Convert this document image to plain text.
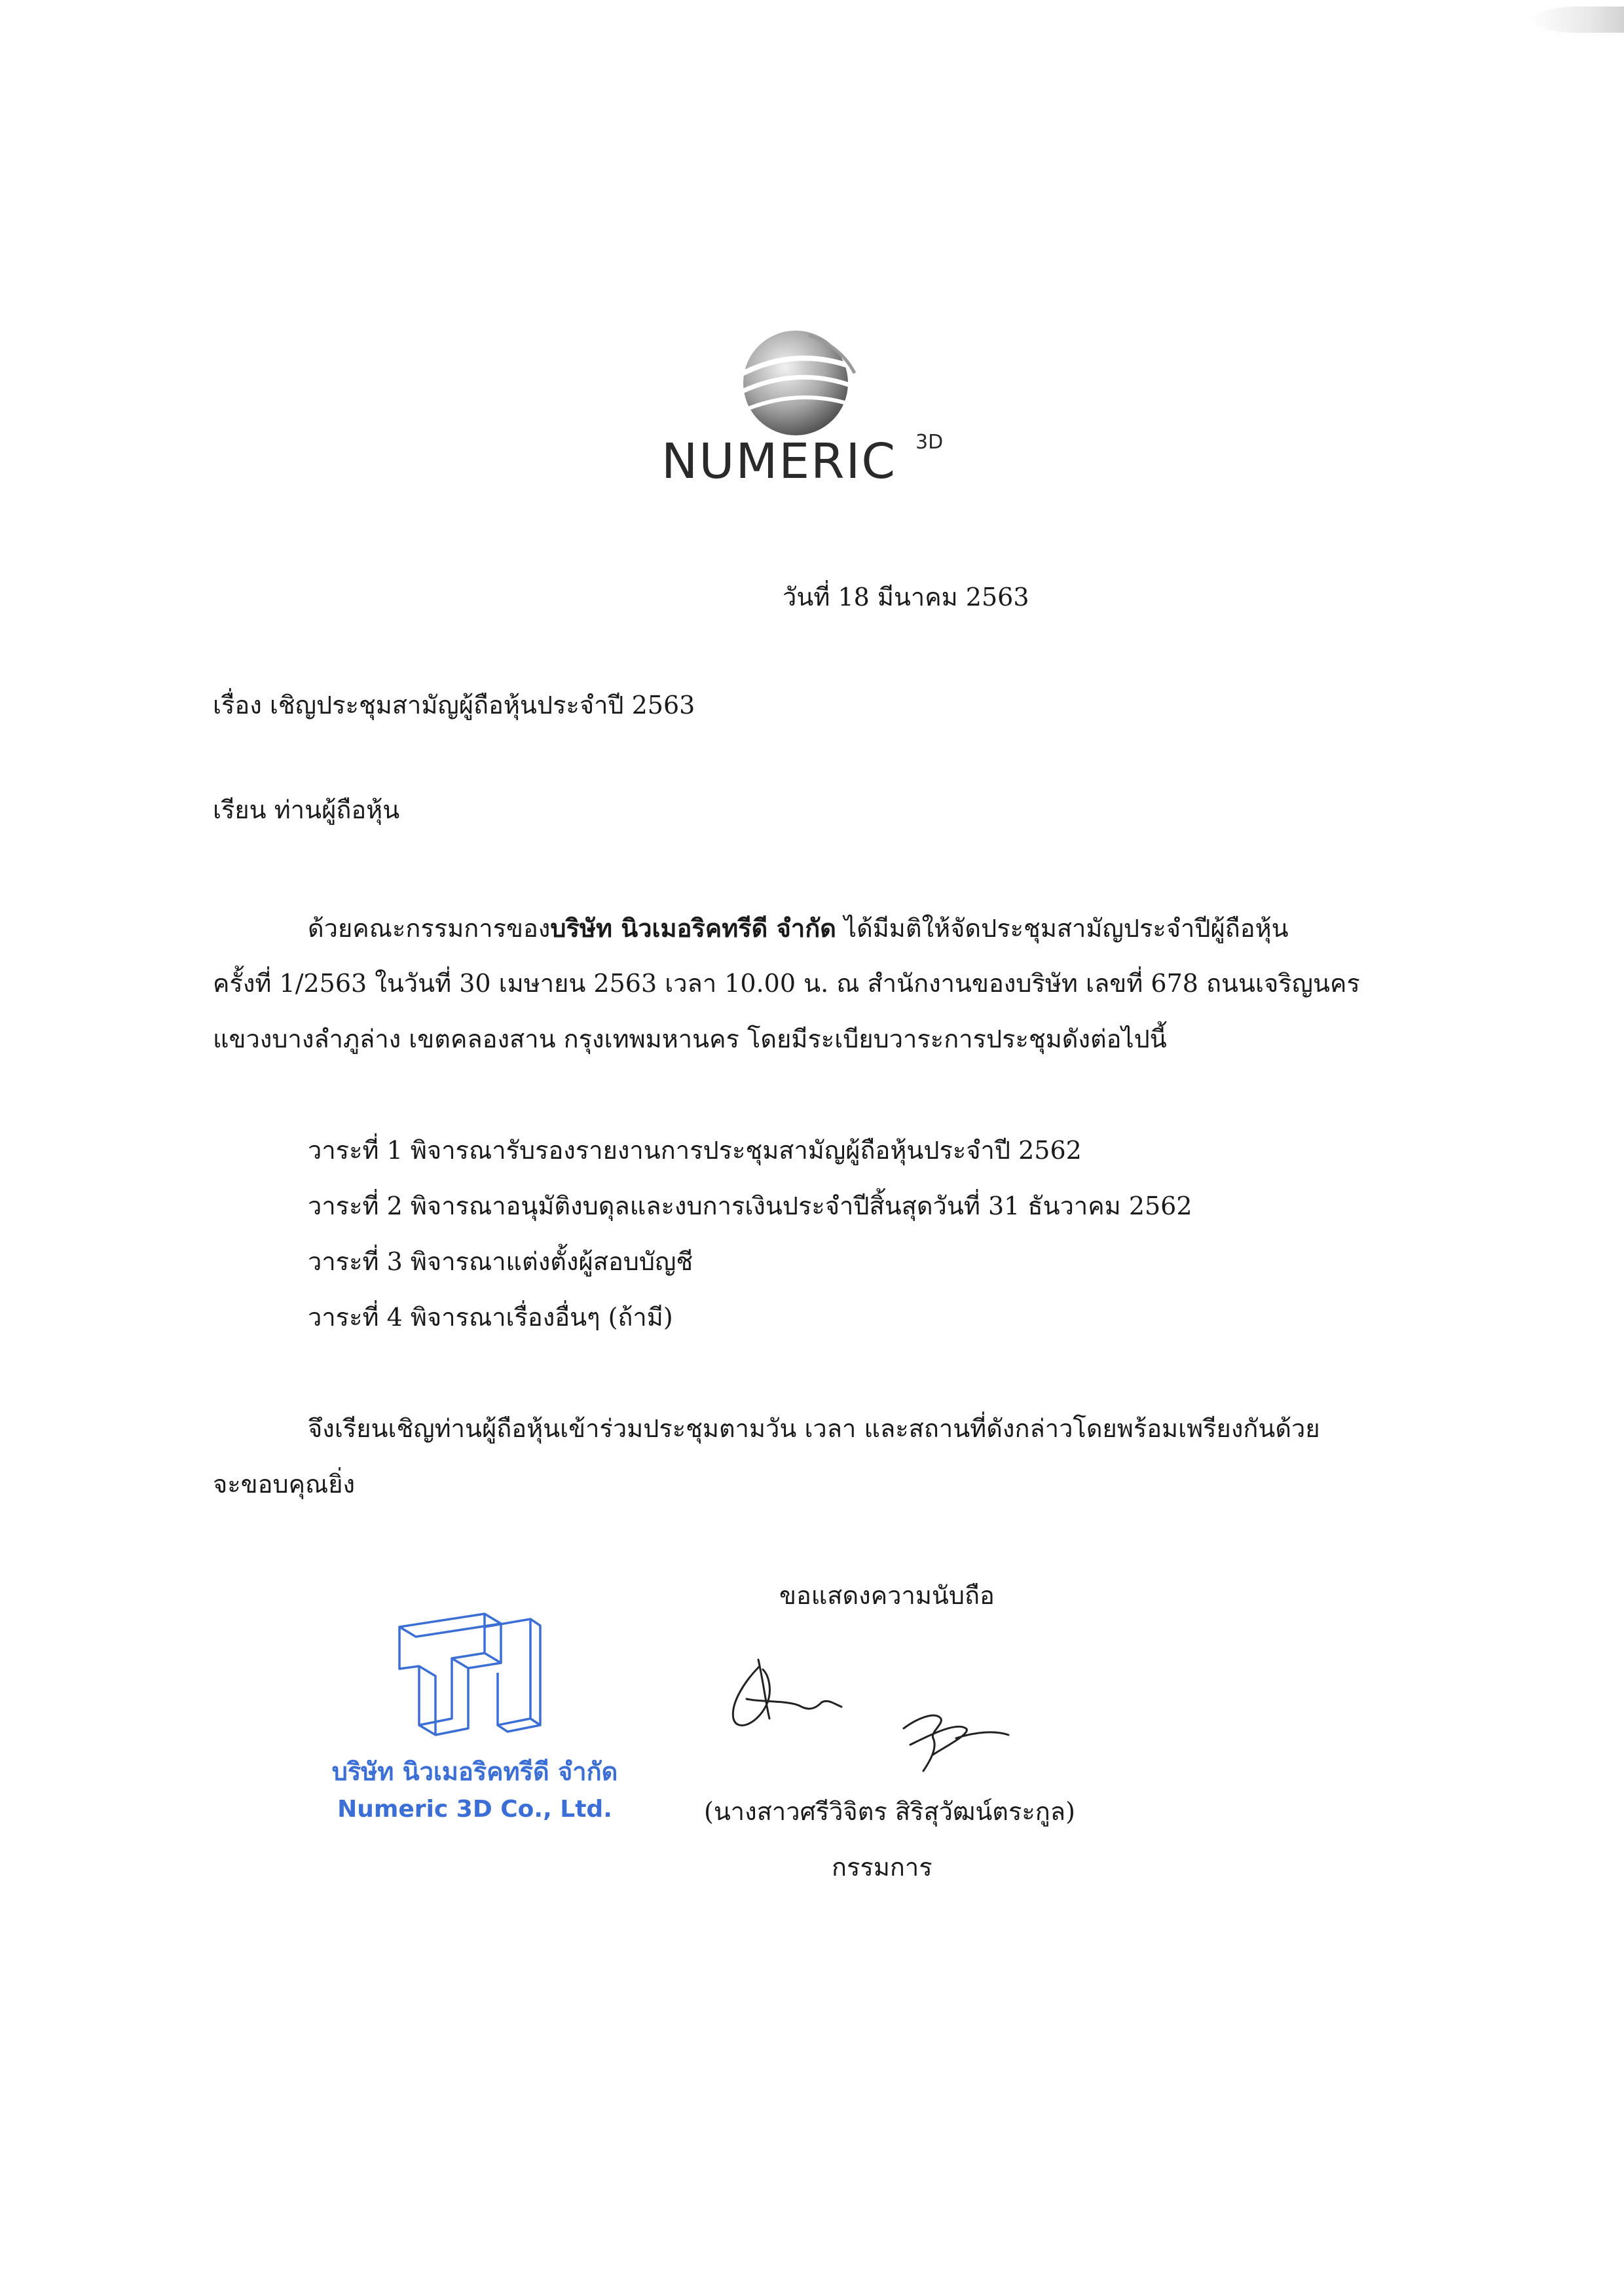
NUMERIC 3D
วันที่ 18 มีนาคม 2563
เรื่อง เชิญประชุมสามัญผู้ถือหุ้นประจำปี 2563
เรียน ท่านผู้ถือหุ้น
ด้วยคณะกรรมการของบริษัท นิวเมอริคทรีดี จำกัด ได้มีมติให้จัดประชุมสามัญประจำปีผู้ถือหุ้น
ครั้งที่ 1/2563 ในวันที่ 30 เมษายน 2563 เวลา 10.00 น. ณ สำนักงานของบริษัท เลขที่ 678 ถนนเจริญนคร
แขวงบางลำภูล่าง เขตคลองสาน กรุงเทพมหานคร โดยมีระเบียบวาระการประชุมดังต่อไปนี้
วาระที่ 1 พิจารณารับรองรายงานการประชุมสามัญผู้ถือหุ้นประจำปี 2562
วาระที่ 2 พิจารณาอนุมัติงบดุลและงบการเงินประจำปีสิ้นสุดวันที่ 31 ธันวาคม 2562
วาระที่ 3 พิจารณาแต่งตั้งผู้สอบบัญชี
วาระที่ 4 พิจารณาเรื่องอื่นๆ (ถ้ามี)
จึงเรียนเชิญท่านผู้ถือหุ้นเข้าร่วมประชุมตามวัน เวลา และสถานที่ดังกล่าวโดยพร้อมเพรียงกันด้วย
จะขอบคุณยิ่ง
ขอแสดงความนับถือ
บริษัท นิวเมอริคทรีดี จำกัด
Numeric 3D Co., Ltd.	(นางสาวศรีวิจิตร สิริสุวัฒน์ตระกูล)
กรรมการ
